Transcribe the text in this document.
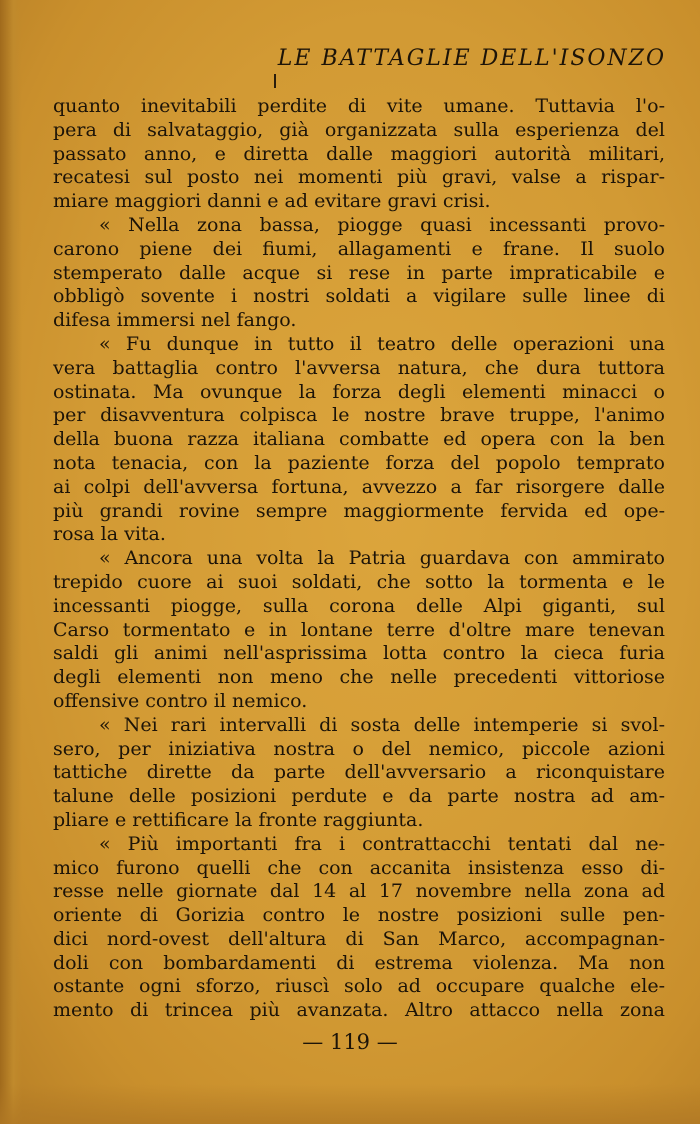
LE BATTAGLIE DELL'ISONZO
quanto inevitabili perdite di vite umane. Tuttavia l'o-
pera di salvataggio, già organizzata sulla esperienza del
passato anno, e diretta dalle maggiori autorità militari,
recatesi sul posto nei momenti più gravi, valse a rispar-
miare maggiori danni e ad evitare gravi crisi.
« Nella zona bassa, piogge quasi incessanti provo-
carono piene dei fiumi, allagamenti e frane. Il suolo
stemperato dalle acque si rese in parte impraticabile e
obbligò sovente i nostri soldati a vigilare sulle linee di
difesa immersi nel fango.
« Fu dunque in tutto il teatro delle operazioni una
vera battaglia contro l'avversa natura, che dura tuttora
ostinata. Ma ovunque la forza degli elementi minacci o
per disavventura colpisca le nostre brave truppe, l'animo
della buona razza italiana combatte ed opera con la ben
nota tenacia, con la paziente forza del popolo temprato
ai colpi dell'avversa fortuna, avvezzo a far risorgere dalle
più grandi rovine sempre maggiormente fervida ed ope-
rosa la vita.
« Ancora una volta la Patria guardava con ammirato
trepido cuore ai suoi soldati, che sotto la tormenta e le
incessanti piogge, sulla corona delle Alpi giganti, sul
Carso tormentato e in lontane terre d'oltre mare tenevan
saldi gli animi nell'asprissima lotta contro la cieca furia
degli elementi non meno che nelle precedenti vittoriose
offensive contro il nemico.
« Nei rari intervalli di sosta delle intemperie si svol-
sero, per iniziativa nostra o del nemico, piccole azioni
tattiche dirette da parte dell'avversario a riconquistare
talune delle posizioni perdute e da parte nostra ad am-
pliare e rettificare la fronte raggiunta.
« Più importanti fra i contrattacchi tentati dal ne-
mico furono quelli che con accanita insistenza esso di-
resse nelle giornate dal 14 al 17 novembre nella zona ad
oriente di Gorizia contro le nostre posizioni sulle pen-
dici nord-ovest dell'altura di San Marco, accompagnan-
doli con bombardamenti di estrema violenza. Ma non
ostante ogni sforzo, riuscì solo ad occupare qualche ele-
mento di trincea più avanzata. Altro attacco nella zona
— 119 —
